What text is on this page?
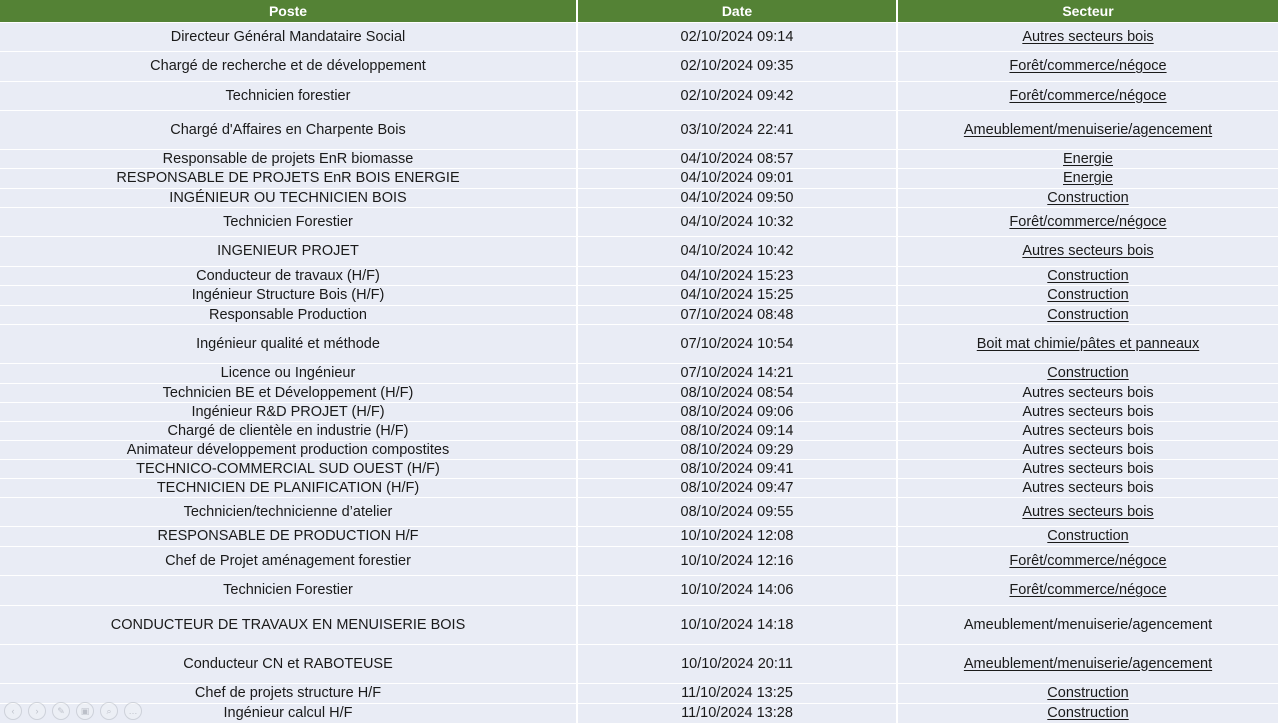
Poste	Date	Secteur
Directeur Général Mandataire Social	02/10/2024 09:14	Autres secteurs bois
Chargé de recherche et de développement	02/10/2024 09:35	Forêt/commerce/négoce
Technicien forestier	02/10/2024 09:42	Forêt/commerce/négoce
Chargé d'Affaires en Charpente Bois	03/10/2024 22:41	Ameublement/menuiserie/agencement
Responsable de projets EnR biomasse	04/10/2024 08:57	Energie
RESPONSABLE DE PROJETS EnR BOIS ENERGIE	04/10/2024 09:01	Energie
INGÉNIEUR OU TECHNICIEN BOIS	04/10/2024 09:50	Construction
Technicien Forestier	04/10/2024 10:32	Forêt/commerce/négoce
INGENIEUR PROJET	04/10/2024 10:42	Autres secteurs bois
Conducteur de travaux (H/F)	04/10/2024 15:23	Construction
Ingénieur Structure Bois (H/F)	04/10/2024 15:25	Construction
Responsable Production	07/10/2024 08:48	Construction
Ingénieur qualité et méthode	07/10/2024 10:54	Boit mat chimie/pâtes et panneaux
Licence ou Ingénieur	07/10/2024 14:21	Construction
Technicien BE et Développement (H/F)	08/10/2024 08:54	Autres secteurs bois
Ingénieur R&D PROJET (H/F)	08/10/2024 09:06	Autres secteurs bois
Chargé de clientèle en industrie (H/F)	08/10/2024 09:14	Autres secteurs bois
Animateur développement production compostites	08/10/2024 09:29	Autres secteurs bois
TECHNICO-COMMERCIAL SUD OUEST (H/F)	08/10/2024 09:41	Autres secteurs bois
TECHNICIEN DE PLANIFICATION (H/F)	08/10/2024 09:47	Autres secteurs bois
Technicien/technicienne d’atelier	08/10/2024 09:55	Autres secteurs bois
RESPONSABLE DE PRODUCTION H/F	10/10/2024 12:08	Construction
Chef de Projet aménagement forestier	10/10/2024 12:16	Forêt/commerce/négoce
Technicien Forestier	10/10/2024 14:06	Forêt/commerce/négoce
CONDUCTEUR DE TRAVAUX EN MENUISERIE BOIS	10/10/2024 14:18	Ameublement/menuiserie/agencement
Conducteur CN et RABOTEUSE	10/10/2024 20:11	Ameublement/menuiserie/agencement
Chef de projets structure H/F	11/10/2024 13:25	Construction
Ingénieur calcul H/F	11/10/2024 13:28	Construction
‹	›	✎	▣	⌕	…
